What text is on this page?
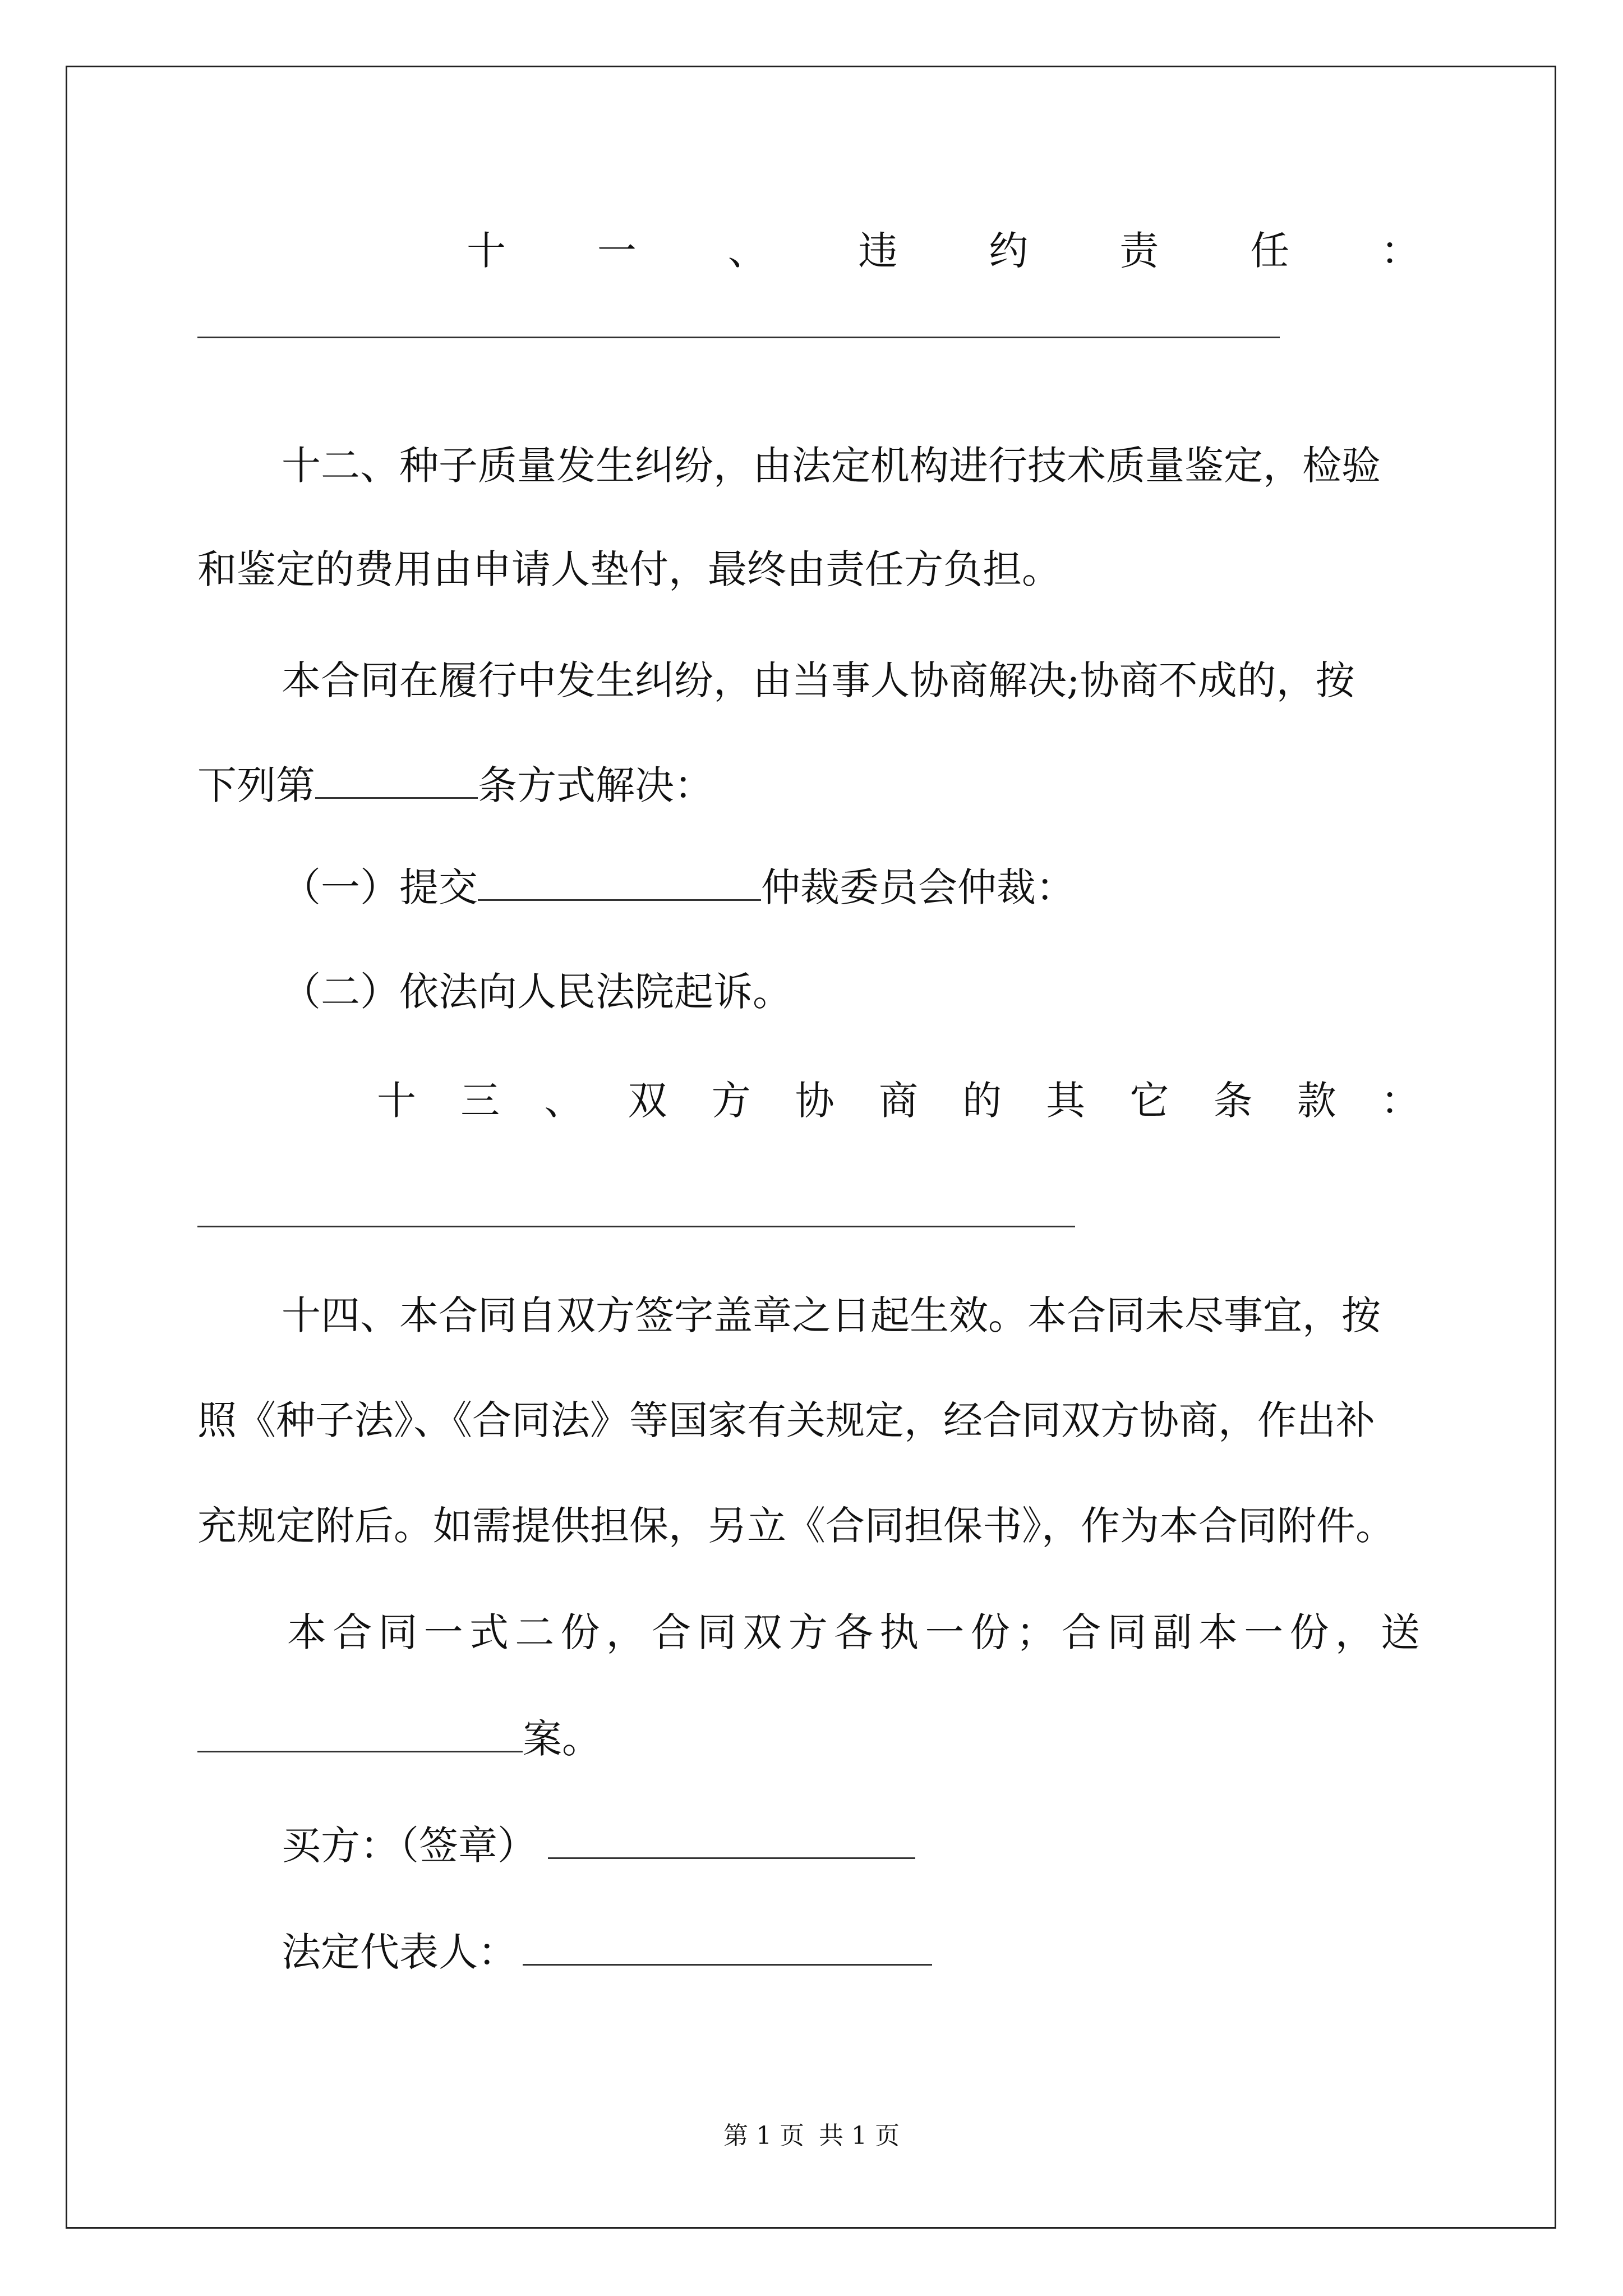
十 一 、 违 约 责 任 ：
十二、种子质量发生纠纷，由法定机构进行技术质量鉴定，检验
和鉴定的费用由申请人垫付，最终由责任方负担。
本合同在履行中发生纠纷，由当事人协商解决;协商不成的，按
下列第	条方式解决：
（一）提交	仲裁委员会仲裁：
（二）依法向人民法院起诉。
十 三 、 双 方 协 商 的 其 它 条 款 ：
十四、本合同自双方签字盖章之日起生效。本合同未尽事宜，按
照《种子法》、《合同法》等国家有关规定，经合同双方协商，作出补
充规定附后。如需提供担保，另立《合同担保书》，作为本合同附件。
本 合 同 一 式 二 份 ， 合 同 双 方 各 执 一 份 ； 合 同 副 本 一 份 ， 送
案。
买方：（签章）
法定代表人：
第 1 页 共 1 页
